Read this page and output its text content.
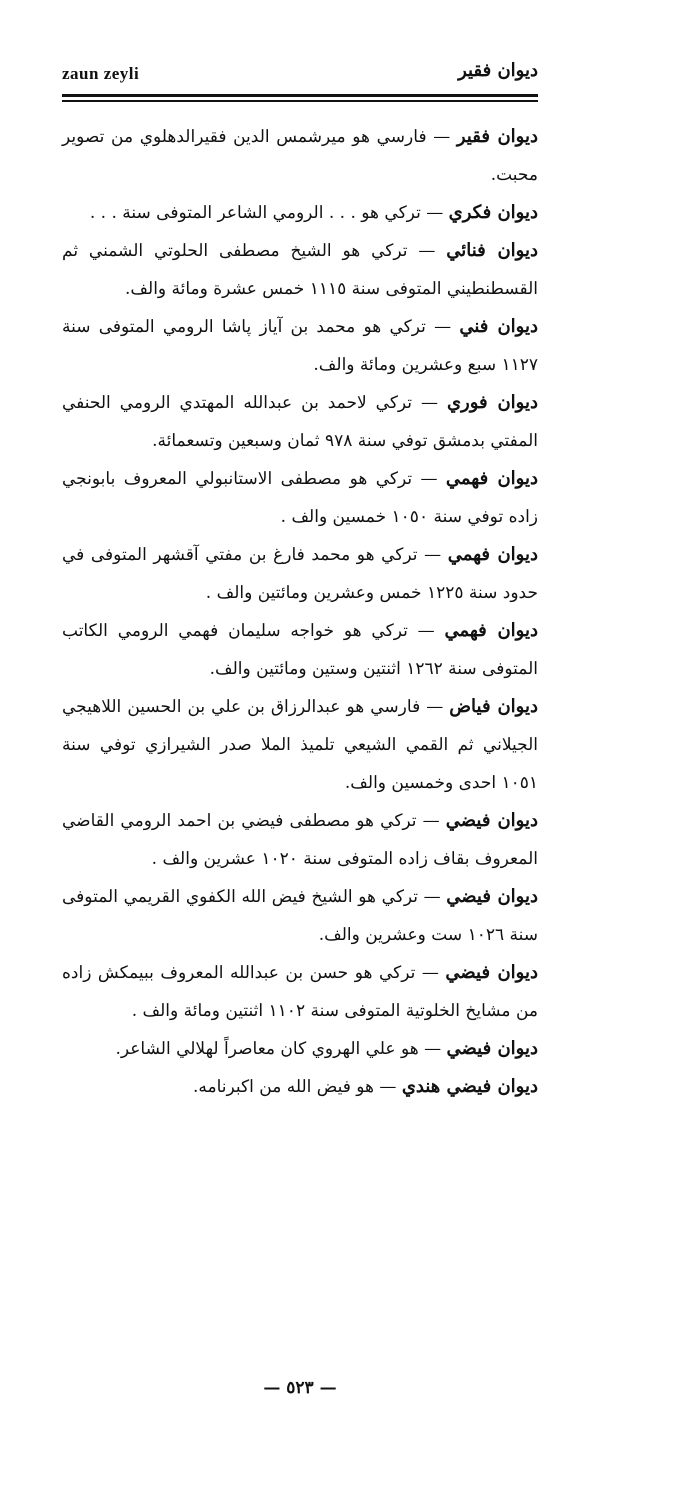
zaun zeyli	ديوان فقير

ديوان فقير — فارسي هو ميرشمس الدين فقيرالدهلوي من تصوير محبت.

ديوان فكري — تركي هو . . . الرومي الشاعر المتوفى سنة . . .

ديوان فنائي — تركي هو الشيخ مصطفى الحلوتي الشمني ثم القسطنطيني المتوفى سنة ١١١٥ خمس عشرة ومائة والف.

ديوان فني — تركي هو محمد بن آياز پاشا الرومي المتوفى سنة ١١٢٧ سبع وعشرين ومائة والف.

ديوان فوري — تركي لاحمد بن عبدالله المهتدي الرومي الحنفي المفتي بدمشق توفي سنة ٩٧٨ ثمان وسبعين وتسعمائة.

ديوان فهمي — تركي هو مصطفى الاستانبولي المعروف بابونجي زاده توفي سنة ١٠٥٠ خمسين والف .

ديوان فهمي — تركي هو محمد فارغ بن مفتي آقشهر المتوفى في حدود سنة ١٢٢٥ خمس وعشرين ومائتين والف .

ديوان فهمي — تركي هو خواجه سليمان فهمي الرومي الكاتب المتوفى سنة ١٢٦٢ اثنتين وستين ومائتين والف.

ديوان فياض — فارسي هو عبدالرزاق بن علي بن الحسين اللاهيجي الجيلاني ثم القمي الشيعي تلميذ الملا صدر الشيرازي توفي سنة ١٠٥١ احدى وخمسين والف.

ديوان فيضي — تركي هو مصطفى فيضي بن احمد الرومي القاضي المعروف بقاف زاده المتوفى سنة ١٠٢٠ عشرين والف .

ديوان فيضي — تركي هو الشيخ فيض الله الكفوي القريمي المتوفى سنة ١٠٢٦ ست وعشرين والف.

ديوان فيضي — تركي هو حسن بن عبدالله المعروف ببيمكش زاده من مشايخ الخلوتية المتوفى سنة ١١٠٢ اثنتين ومائة والف .

ديوان فيضي — هو علي الهروي كان معاصراً لهلالي الشاعر.

ديوان فيضي هندي — هو فيض الله من اكبرنامه.

— ٥٢٣ —
